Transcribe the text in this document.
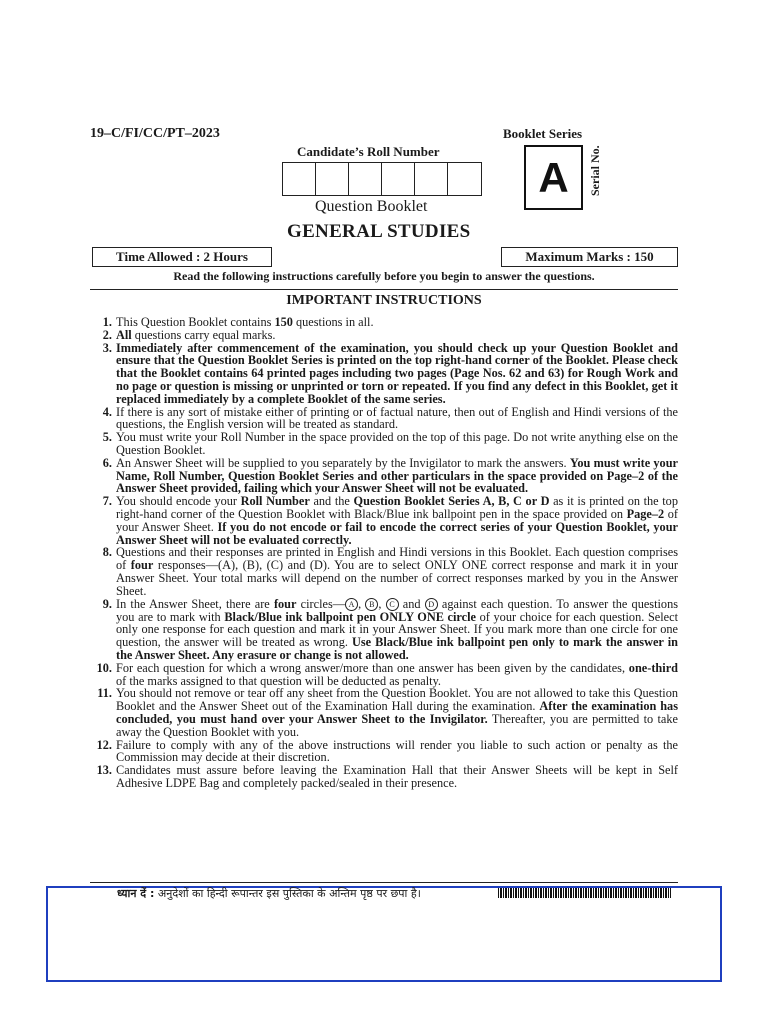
19–C/FI/CC/PT–2023	Booklet Series
Candidate’s Roll Number
A Serial No.
Question Booklet
GENERAL STUDIES
Time Allowed : 2 Hours	Maximum Marks : 150
Read the following instructions carefully before you begin to answer the questions.
IMPORTANT INSTRUCTIONS
1. This Question Booklet contains 150 questions in all.
2. All questions carry equal marks.
3. Immediately after commencement of the examination, you should check up your Question Booklet and ensure that the Question Booklet Series is printed on the top right-hand corner of the Booklet. Please check that the Booklet contains 64 printed pages including two pages (Page Nos. 62 and 63) for Rough Work and no page or question is missing or unprinted or torn or repeated. If you find any defect in this Booklet, get it replaced immediately by a complete Booklet of the same series.
4. If there is any sort of mistake either of printing or of factual nature, then out of English and Hindi versions of the questions, the English version will be treated as standard.
5. You must write your Roll Number in the space provided on the top of this page. Do not write anything else on the Question Booklet.
6. An Answer Sheet will be supplied to you separately by the Invigilator to mark the answers. You must write your Name, Roll Number, Question Booklet Series and other particulars in the space provided on Page–2 of the Answer Sheet provided, failing which your Answer Sheet will not be evaluated.
7. You should encode your Roll Number and the Question Booklet Series A, B, C or D as it is printed on the top right-hand corner of the Question Booklet with Black/Blue ink ballpoint pen in the space provided on Page–2 of your Answer Sheet. If you do not encode or fail to encode the correct series of your Question Booklet, your Answer Sheet will not be evaluated correctly.
8. Questions and their responses are printed in English and Hindi versions in this Booklet. Each question comprises of four responses—(A), (B), (C) and (D). You are to select ONLY ONE correct response and mark it in your Answer Sheet. Your total marks will depend on the number of correct responses marked by you in the Answer Sheet.
9. In the Answer Sheet, there are four circles— A , B , C and D against each question. To answer the questions you are to mark with Black/Blue ink ballpoint pen ONLY ONE circle of your choice for each question. Select only one response for each question and mark it in your Answer Sheet. If you mark more than one circle for one question, the answer will be treated as wrong. Use Black/Blue ink ballpoint pen only to mark the answer in the Answer Sheet. Any erasure or change is not allowed.
10. For each question for which a wrong answer/more than one answer has been given by the candidates, one-third of the marks assigned to that question will be deducted as penalty.
11. You should not remove or tear off any sheet from the Question Booklet. You are not allowed to take this Question Booklet and the Answer Sheet out of the Examination Hall during the examination. After the examination has concluded, you must hand over your Answer Sheet to the Invigilator. Thereafter, you are permitted to take away the Question Booklet with you.
12. Failure to comply with any of the above instructions will render you liable to such action or penalty as the Commission may decide at their discretion.
13. Candidates must assure before leaving the Examination Hall that their Answer Sheets will be kept in Self Adhesive LDPE Bag and completely packed/sealed in their presence.
ध्यान दें : अनुदेशों का हिन्दी रूपान्तर इस पुस्तिका के अन्तिम पृष्ठ पर छपा है।
